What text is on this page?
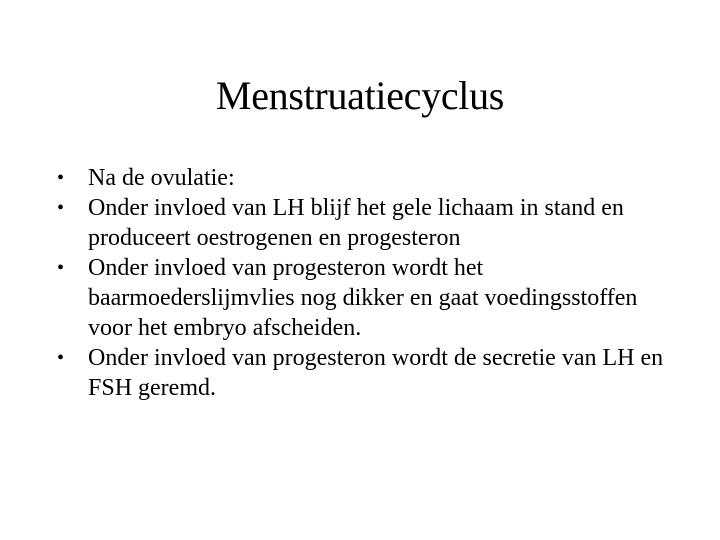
Menstruatiecyclus
• Na de ovulatie:
• Onder invloed van LH blijf het gele lichaam in stand en produceert oestrogenen en progesteron
• Onder invloed van progesteron wordt het baarmoederslijmvlies nog dikker en gaat voedingsstoffen voor het embryo afscheiden.
• Onder invloed van progesteron wordt de secretie van LH en FSH geremd.
